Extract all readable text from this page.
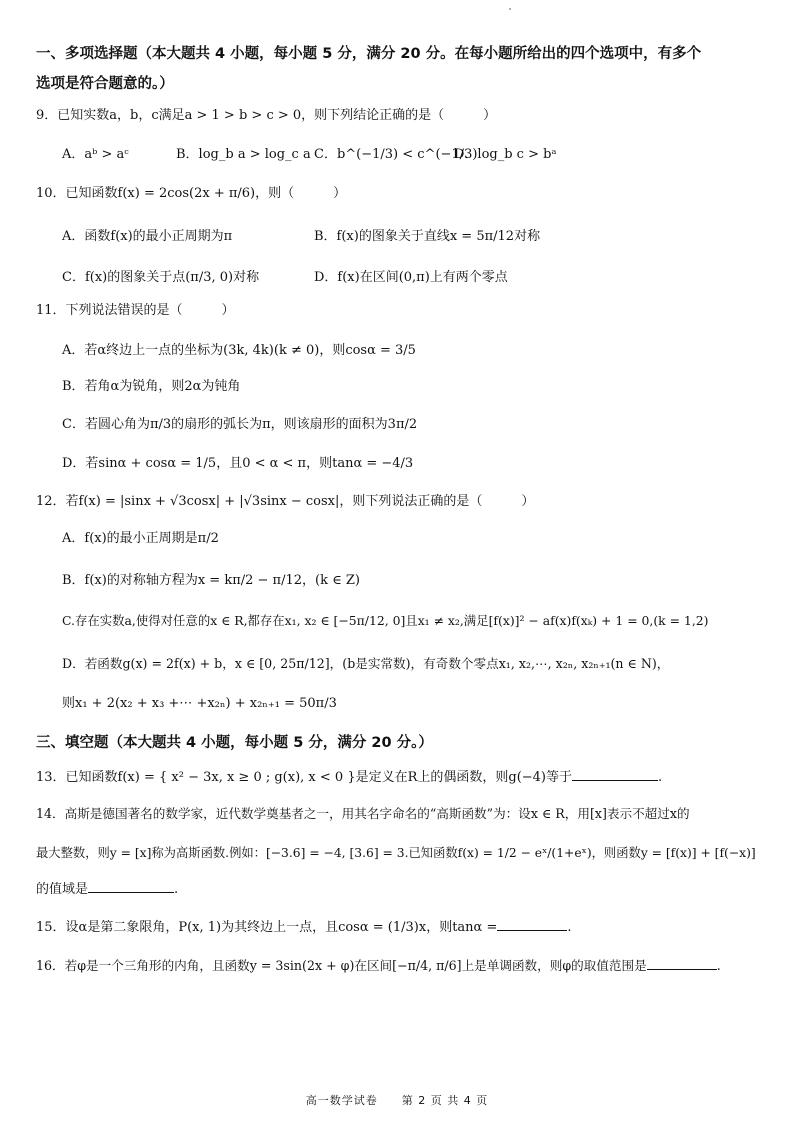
一、多项选择题（本大题共 4 小题，每小题 5 分，满分 20 分。在每小题所给出的四个选项中，有多个
选项是符合题意的。）
9．已知实数a，b，c满足a > 1 > b > c > 0，则下列结论正确的是（　　　）
A．aᵇ > aᶜ	B．log_b a > log_c a C．b^(−1/3) < c^(−1/3)
D．log_b c > bᵃ
10．已知函数f(x) = 2cos(2x + π/6)，则（　　　）
A．函数f(x)的最小正周期为π	B．f(x)的图象关于直线x = 5π/12对称
C．f(x)的图象关于点(π/3, 0)对称	D．f(x)在区间(0,π)上有两个零点
11．下列说法错误的是（　　　）
A．若α终边上一点的坐标为(3k, 4k)(k ≠ 0)，则cosα = 3/5
B．若角α为锐角，则2α为钝角
C．若圆心角为π/3的扇形的弧长为π，则该扇形的面积为3π/2
D．若sinα + cosα = 1/5，且0 < α < π，则tanα = −4/3
12．若f(x) = |sinx + √3cosx| + |√3sinx − cosx|，则下列说法正确的是（　　　）
A．f(x)的最小正周期是π/2
B．f(x)的对称轴方程为x = kπ/2 − π/12，(k ∈ Z)
C.存在实数a,使得对任意的x ∈ R,都存在x₁, x₂ ∈ [−5π/12, 0]且x₁ ≠ x₂,满足[f(x)]² − af(x)f(xₖ) + 1 = 0,(k = 1,2)
D．若函数g(x) = 2f(x) + b，x ∈ [0, 25π/12]，(b是实常数)，有奇数个零点x₁, x₂,⋯, x₂ₙ, x₂ₙ₊₁(n ∈ N)，
则x₁ + 2(x₂ + x₃ +⋯ +x₂ₙ) + x₂ₙ₊₁ = 50π/3
三、填空题（本大题共 4 小题，每小题 5 分，满分 20 分。）
13．已知函数f(x) = { x² − 3x, x ≥ 0 ; g(x), x < 0 }是定义在R上的偶函数，则g(−4)等于	.
14．高斯是德国著名的数学家，近代数学奠基者之一，用其名字命名的“高斯函数”为：设x ∈ R，用[x]表示不超过x的
最大整数，则y = [x]称为高斯函数.例如：[−3.6] = −4, [3.6] = 3.已知函数f(x) = 1/2 − eˣ/(1+eˣ)，则函数y = [f(x)] + [f(−x)]
的值域是	.
15．设α是第二象限角，P(x, 1)为其终边上一点，且cosα = (1/3)x，则tanα =	.
16．若φ是一个三角形的内角，且函数y = 3sin(2x + φ)在区间[−π/4, π/6]上是单调函数，则φ的取值范围是	.
高一数学试卷　　第 2 页 共 4 页
